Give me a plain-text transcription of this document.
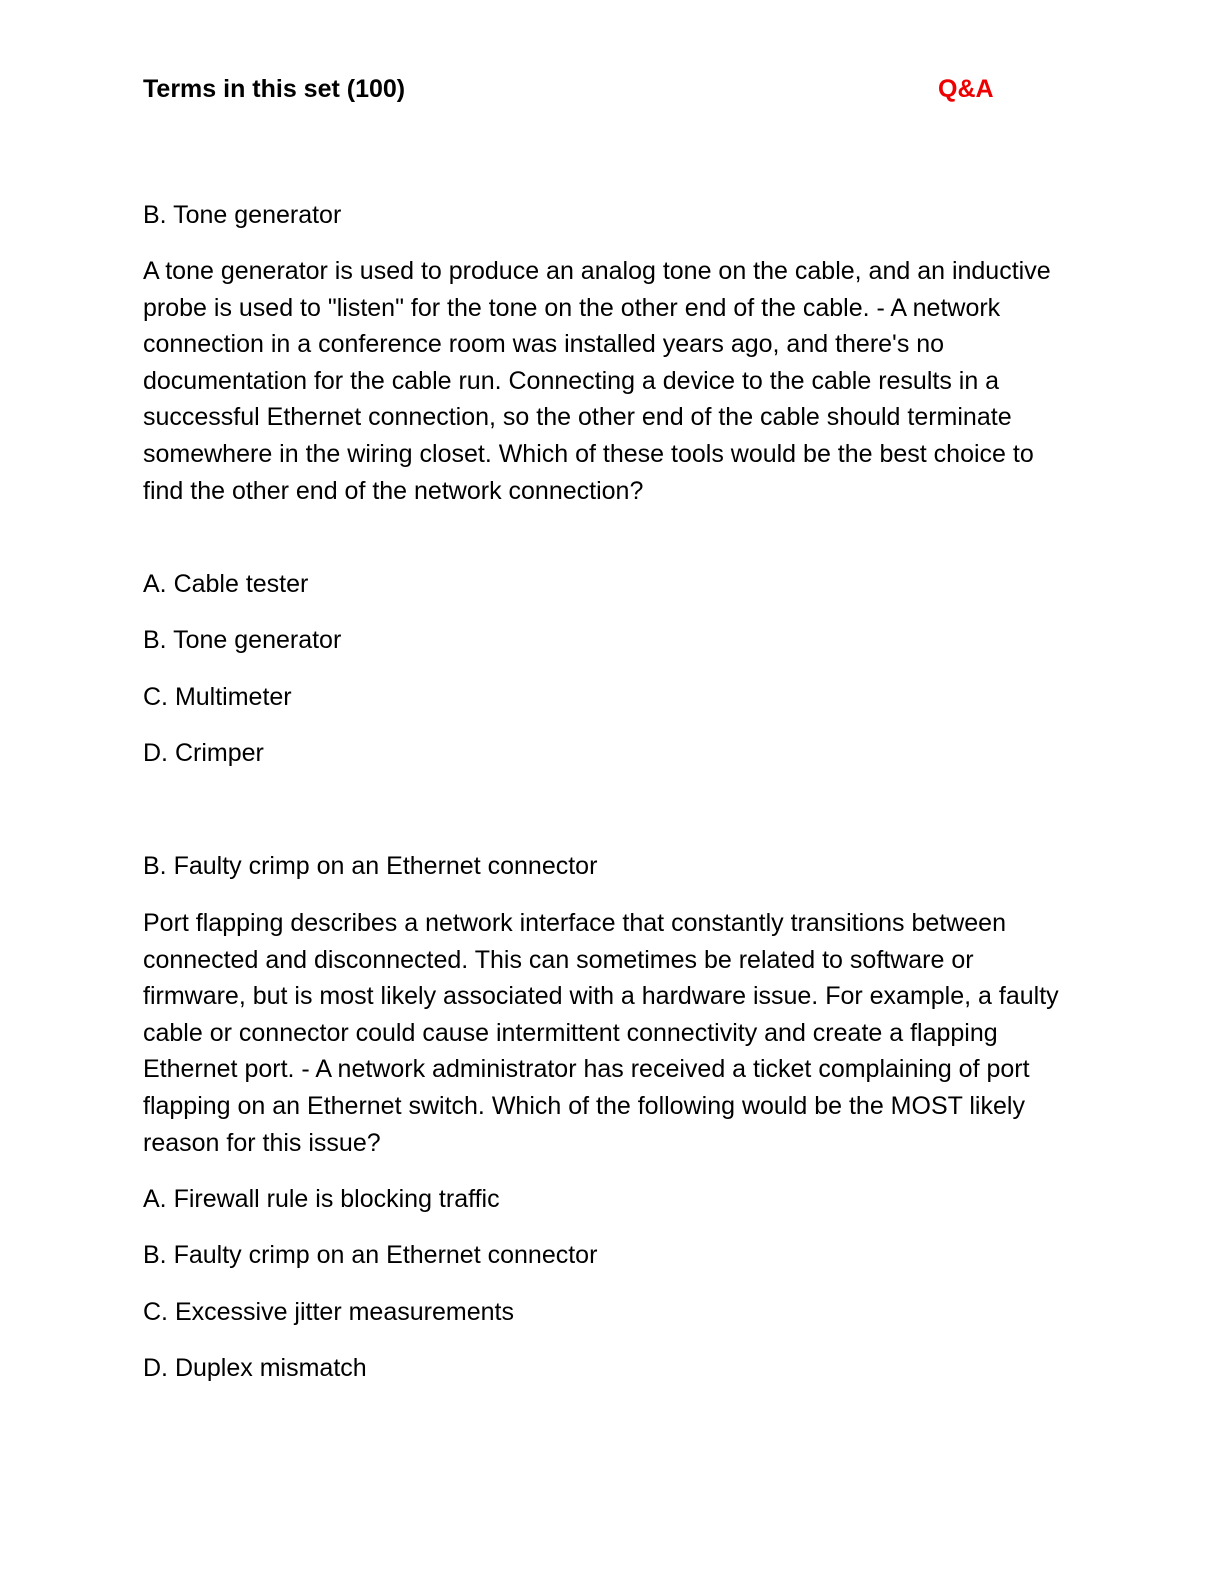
Terms in this set (100)	Q&A

B. Tone generator

A tone generator is used to produce an analog tone on the cable, and an inductive probe is used to "listen" for the tone on the other end of the cable. - A network connection in a conference room was installed years ago, and there's no documentation for the cable run. Connecting a device to the cable results in a successful Ethernet connection, so the other end of the cable should terminate somewhere in the wiring closet. Which of these tools would be the best choice to find the other end of the network connection?

A. Cable tester

B. Tone generator

C. Multimeter

D. Crimper

B. Faulty crimp on an Ethernet connector

Port flapping describes a network interface that constantly transitions between connected and disconnected. This can sometimes be related to software or firmware, but is most likely associated with a hardware issue. For example, a faulty cable or connector could cause intermittent connectivity and create a flapping Ethernet port. - A network administrator has received a ticket complaining of port flapping on an Ethernet switch. Which of the following would be the MOST likely reason for this issue?

A. Firewall rule is blocking traffic

B. Faulty crimp on an Ethernet connector

C. Excessive jitter measurements

D. Duplex mismatch
